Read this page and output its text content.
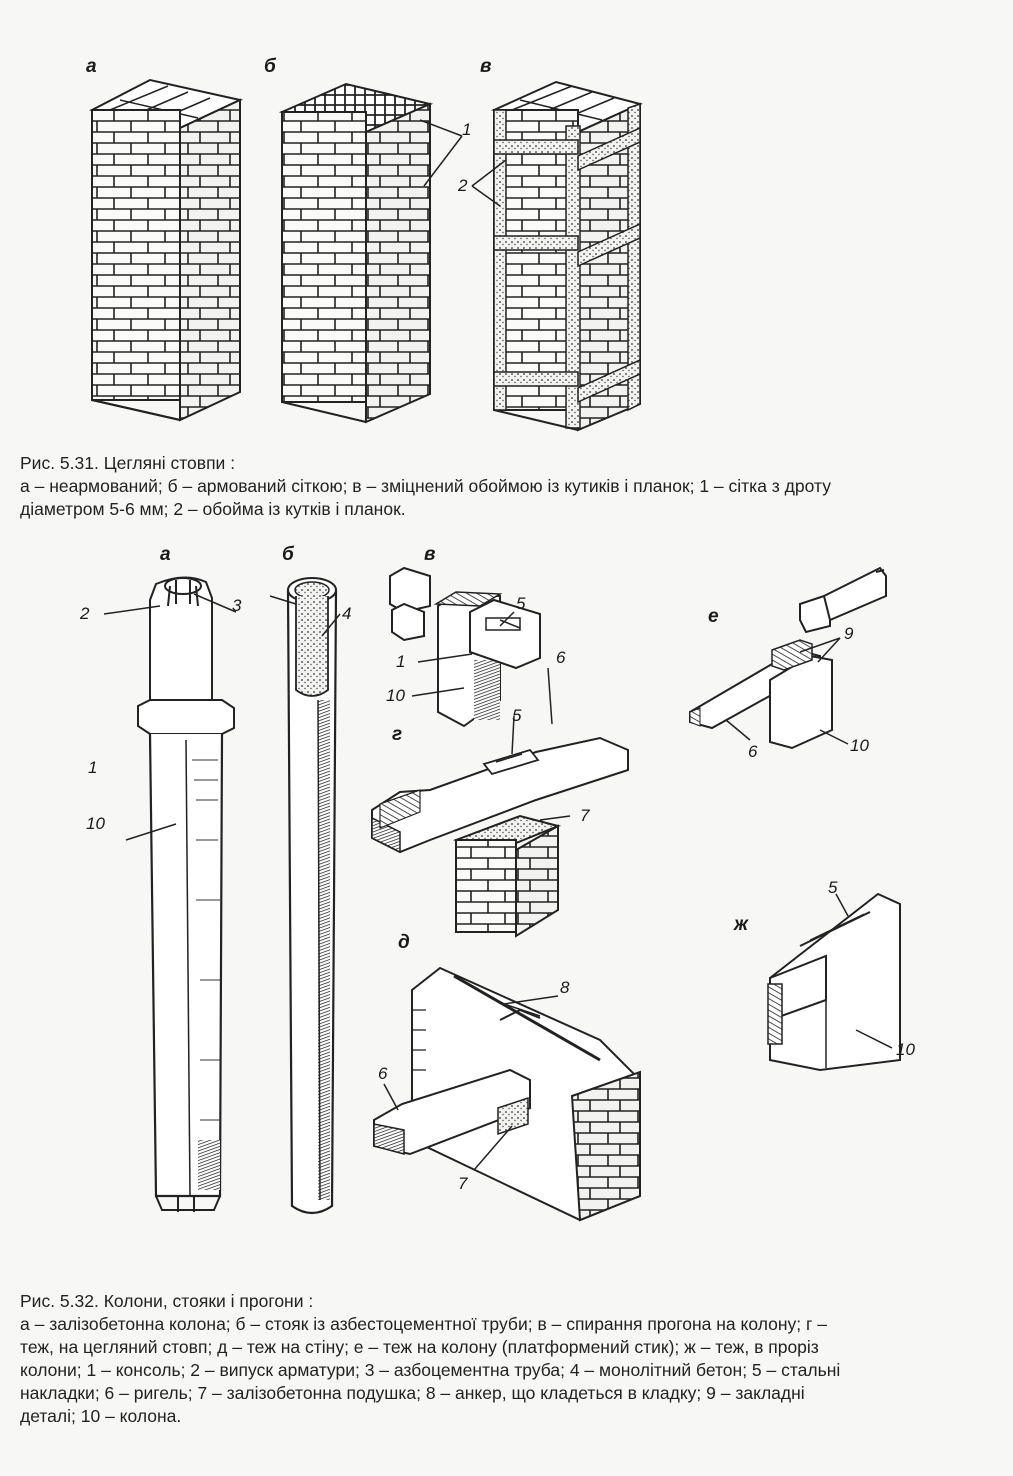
а	б	в
1
2
Рис. 5.31. Цегляні стовпи :
а – неармований; б – армований сіткою; в – зміцнений обоймою із кутиків і планок; 1 – сітка з дроту
діаметром 5-6 мм; 2 – обойма із кутків і планок.
а	б	в
г
д
е
ж
2	3
1
10
4
5
1	6
10
5
7
8
6
7
9
6	10
5
10
Рис. 5.32. Колони, стояки і прогони :
а – залізобетонна колона; б – стояк із азбестоцементної труби; в – спирання прогона на колону; г –
теж, на цегляний стовп; д – теж на стіну; е – теж на колону (платформений стик); ж – теж, в проріз
колони; 1 – консоль; 2 – випуск арматури; 3 – азбоцементна труба; 4 – монолітний бетон; 5 – стальні
накладки; 6 – ригель; 7 – залізобетонна подушка; 8 – анкер, що кладеться в кладку; 9 – закладні
деталі; 10 – колона.
